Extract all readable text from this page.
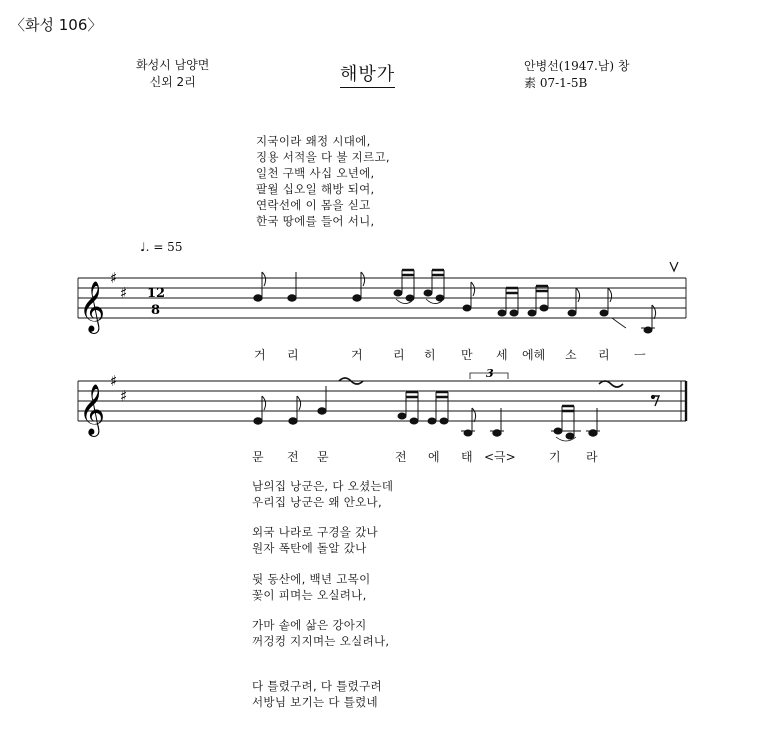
〈화성 106〉
화성시 남양면
신외 2리	해방가	안병선(1947.남) 창
素 07-1-5B
지국이라 왜정 시대에,
징용 서적을 다 불 지르고,
일천 구백 사십 오년에,
팔월 십오일 해방 되여,
연락선에 이 몸을 싣고
한국 땅에를 들어 서니,
♩. = 55
𝄞
𝄞
♯
♯
♯
♯
12
8
3
거 리	거	리 히 만 세 에헤 소 리 ㅡ
문 전 문	전 에 태 <극>	기 라
남의집 낭군은, 다 오셨는데
우리집 낭군은 왜 안오나,
외국 나라로 구경을 갔나
원자 폭탄에 돌알 갔나
뒷 동산에, 백년 고목이
꽃이 피며는 오실려나,
가마 솥에 삶은 강아지
꺼겅컹 지지며는 오실려나,
다 틀렸구려, 다 틀렸구려
서방님 보기는 다 틀렸네
